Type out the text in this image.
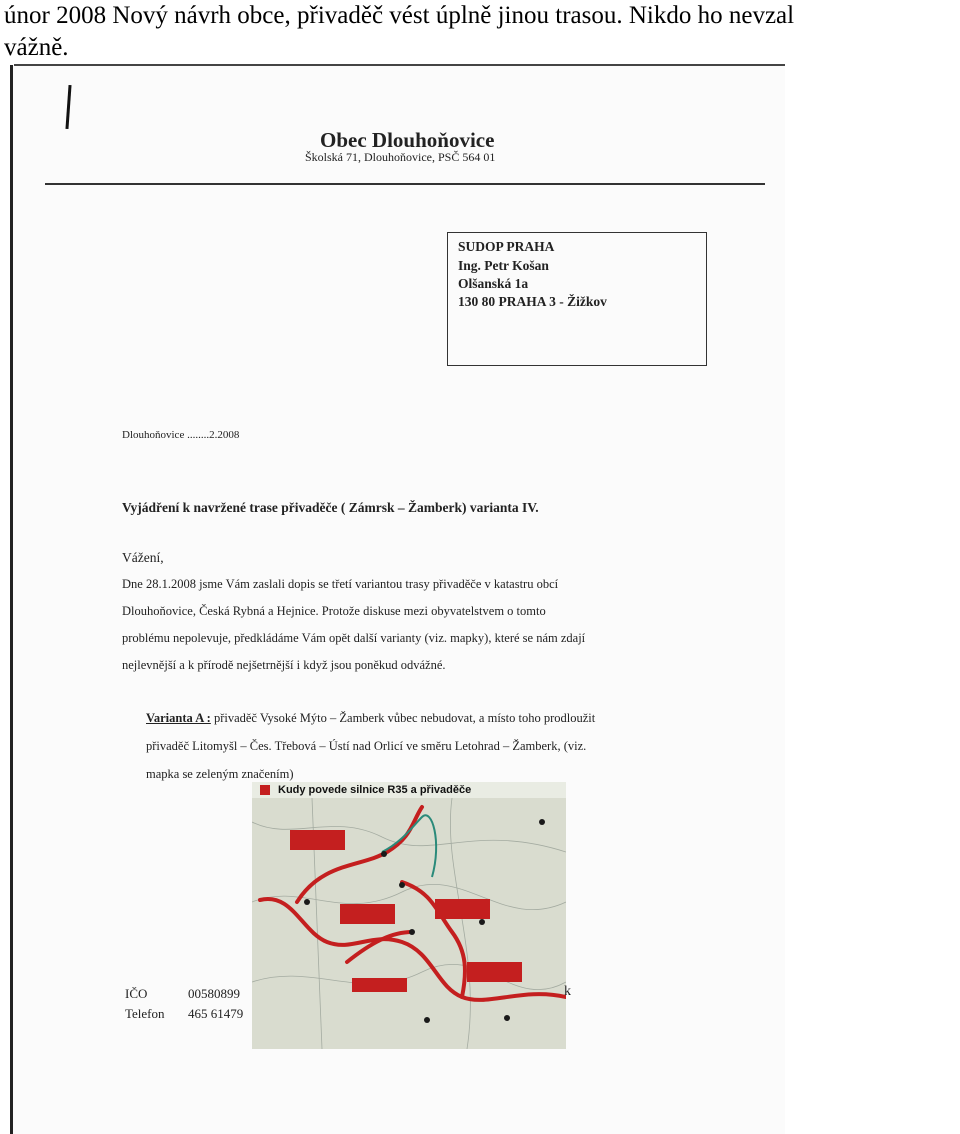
únor 2008 Nový návrh obce, přivaděč vést úplně jinou trasou. Nikdo ho nevzal
vážně.
Obec Dlouhoňovice
Školská 71, Dlouhoňovice, PSČ 564 01
SUDOP PRAHA
Ing. Petr Košan
Olšanská 1a
130 80 PRAHA 3 - Žižkov
Dlouhoňovice ........2.2008
Vyjádření k navržené trase přivaděče ( Zámrsk – Žamberk) varianta IV.
Vážení,
Dne 28.1.2008 jsme Vám zaslali dopis se třetí variantou trasy přivaděče v katastru obcí
Dlouhoňovice, Česká Rybná a Hejnice. Protože diskuse mezi obyvatelstvem o tomto
problému nepolevuje, předkládáme Vám opět další varianty (viz. mapky), které se nám zdají
nejlevnější a k přírodě nejšetrnější i když jsou poněkud odvážné.
Varianta A : přivaděč Vysoké Mýto – Žamberk vůbec nebudovat, a místo toho prodloužit
přivaděč Litomyšl – Čes. Třebová – Ústí nad Orlicí ve směru Letohrad – Žamberk, (viz.
mapka se zeleným značením)
Kudy povede silnice R35 a přivaděče
IČO	00580899
Telefon 465 61479
k
